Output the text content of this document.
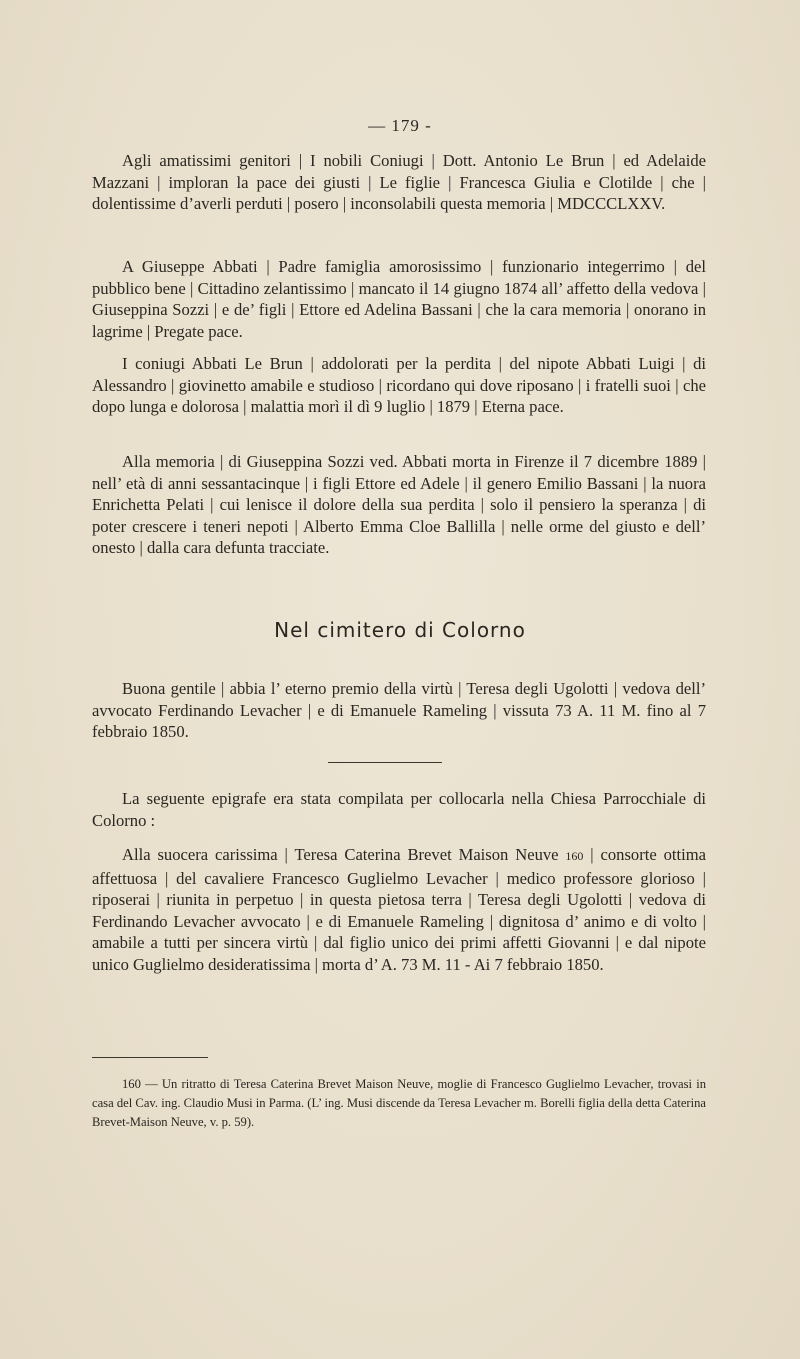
— 179 -

Agli amatissimi genitori | I nobili Coniugi | Dott. Antonio Le Brun | ed Adelaide Mazzani | imploran la pace dei giusti | Le figlie | Francesca Giulia e Clotilde | che | dolentissime d’averli perduti | posero | inconsolabili questa memoria | MDCCCLXXV.

A Giuseppe Abbati | Padre famiglia amorosissimo | funzionario integerrimo | del pubblico bene | Cittadino zelantissimo | mancato il 14 giugno 1874 all’ affetto della vedova | Giuseppina Sozzi | e de’ figli | Ettore ed Adelina Bassani | che la cara memoria | onorano in lagrime | Pregate pace.

I coniugi Abbati Le Brun | addolorati per la perdita | del nipote Abbati Luigi | di Alessandro | giovinetto amabile e studioso | ricordano qui dove riposano | i fratelli suoi | che dopo lunga e dolorosa | malattia morì il dì 9 luglio | 1879 | Eterna pace.

Alla memoria | di Giuseppina Sozzi ved. Abbati morta in Firenze il 7 dicembre 1889 | nell’ età di anni sessantacinque | i figli Ettore ed Adele | il genero Emilio Bassani | la nuora Enrichetta Pelati | cui lenisce il dolore della sua perdita | solo il pensiero la speranza | di poter crescere i teneri nepoti | Alberto Emma Cloe Ballilla | nelle orme del giusto e dell’ onesto | dalla cara defunta tracciate.

Nel cimitero di Colorno

Buona gentile | abbia l’ eterno premio della virtù | Teresa degli Ugolotti | vedova dell’ avvocato Ferdinando Levacher | e di Emanuele Rameling | vissuta 73 A. 11 M. fino al 7 febbraio 1850.

La seguente epigrafe era stata compilata per collocarla nella Chiesa Parrocchiale di Colorno :

Alla suocera carissima | Teresa Caterina Brevet Maison Neuve 160 | consorte ottima affettuosa | del cavaliere Francesco Guglielmo Levacher | medico professore glorioso | riposerai | riunita in perpetuo | in questa pietosa terra | Teresa degli Ugolotti | vedova di Ferdinando Levacher avvocato | e di Emanuele Rameling | dignitosa d’ animo e di volto | amabile a tutti per sincera virtù | dal figlio unico dei primi affetti Giovanni | e dal nipote unico Guglielmo desideratissima | morta d’ A. 73 M. 11 - Ai 7 febbraio 1850.

160 — Un ritratto di Teresa Caterina Brevet Maison Neuve, moglie di Francesco Guglielmo Levacher, trovasi in casa del Cav. ing. Claudio Musi in Parma. (L’ ing. Musi discende da Teresa Levacher m. Borelli figlia della detta Caterina Brevet-Maison Neuve, v. p. 59).
